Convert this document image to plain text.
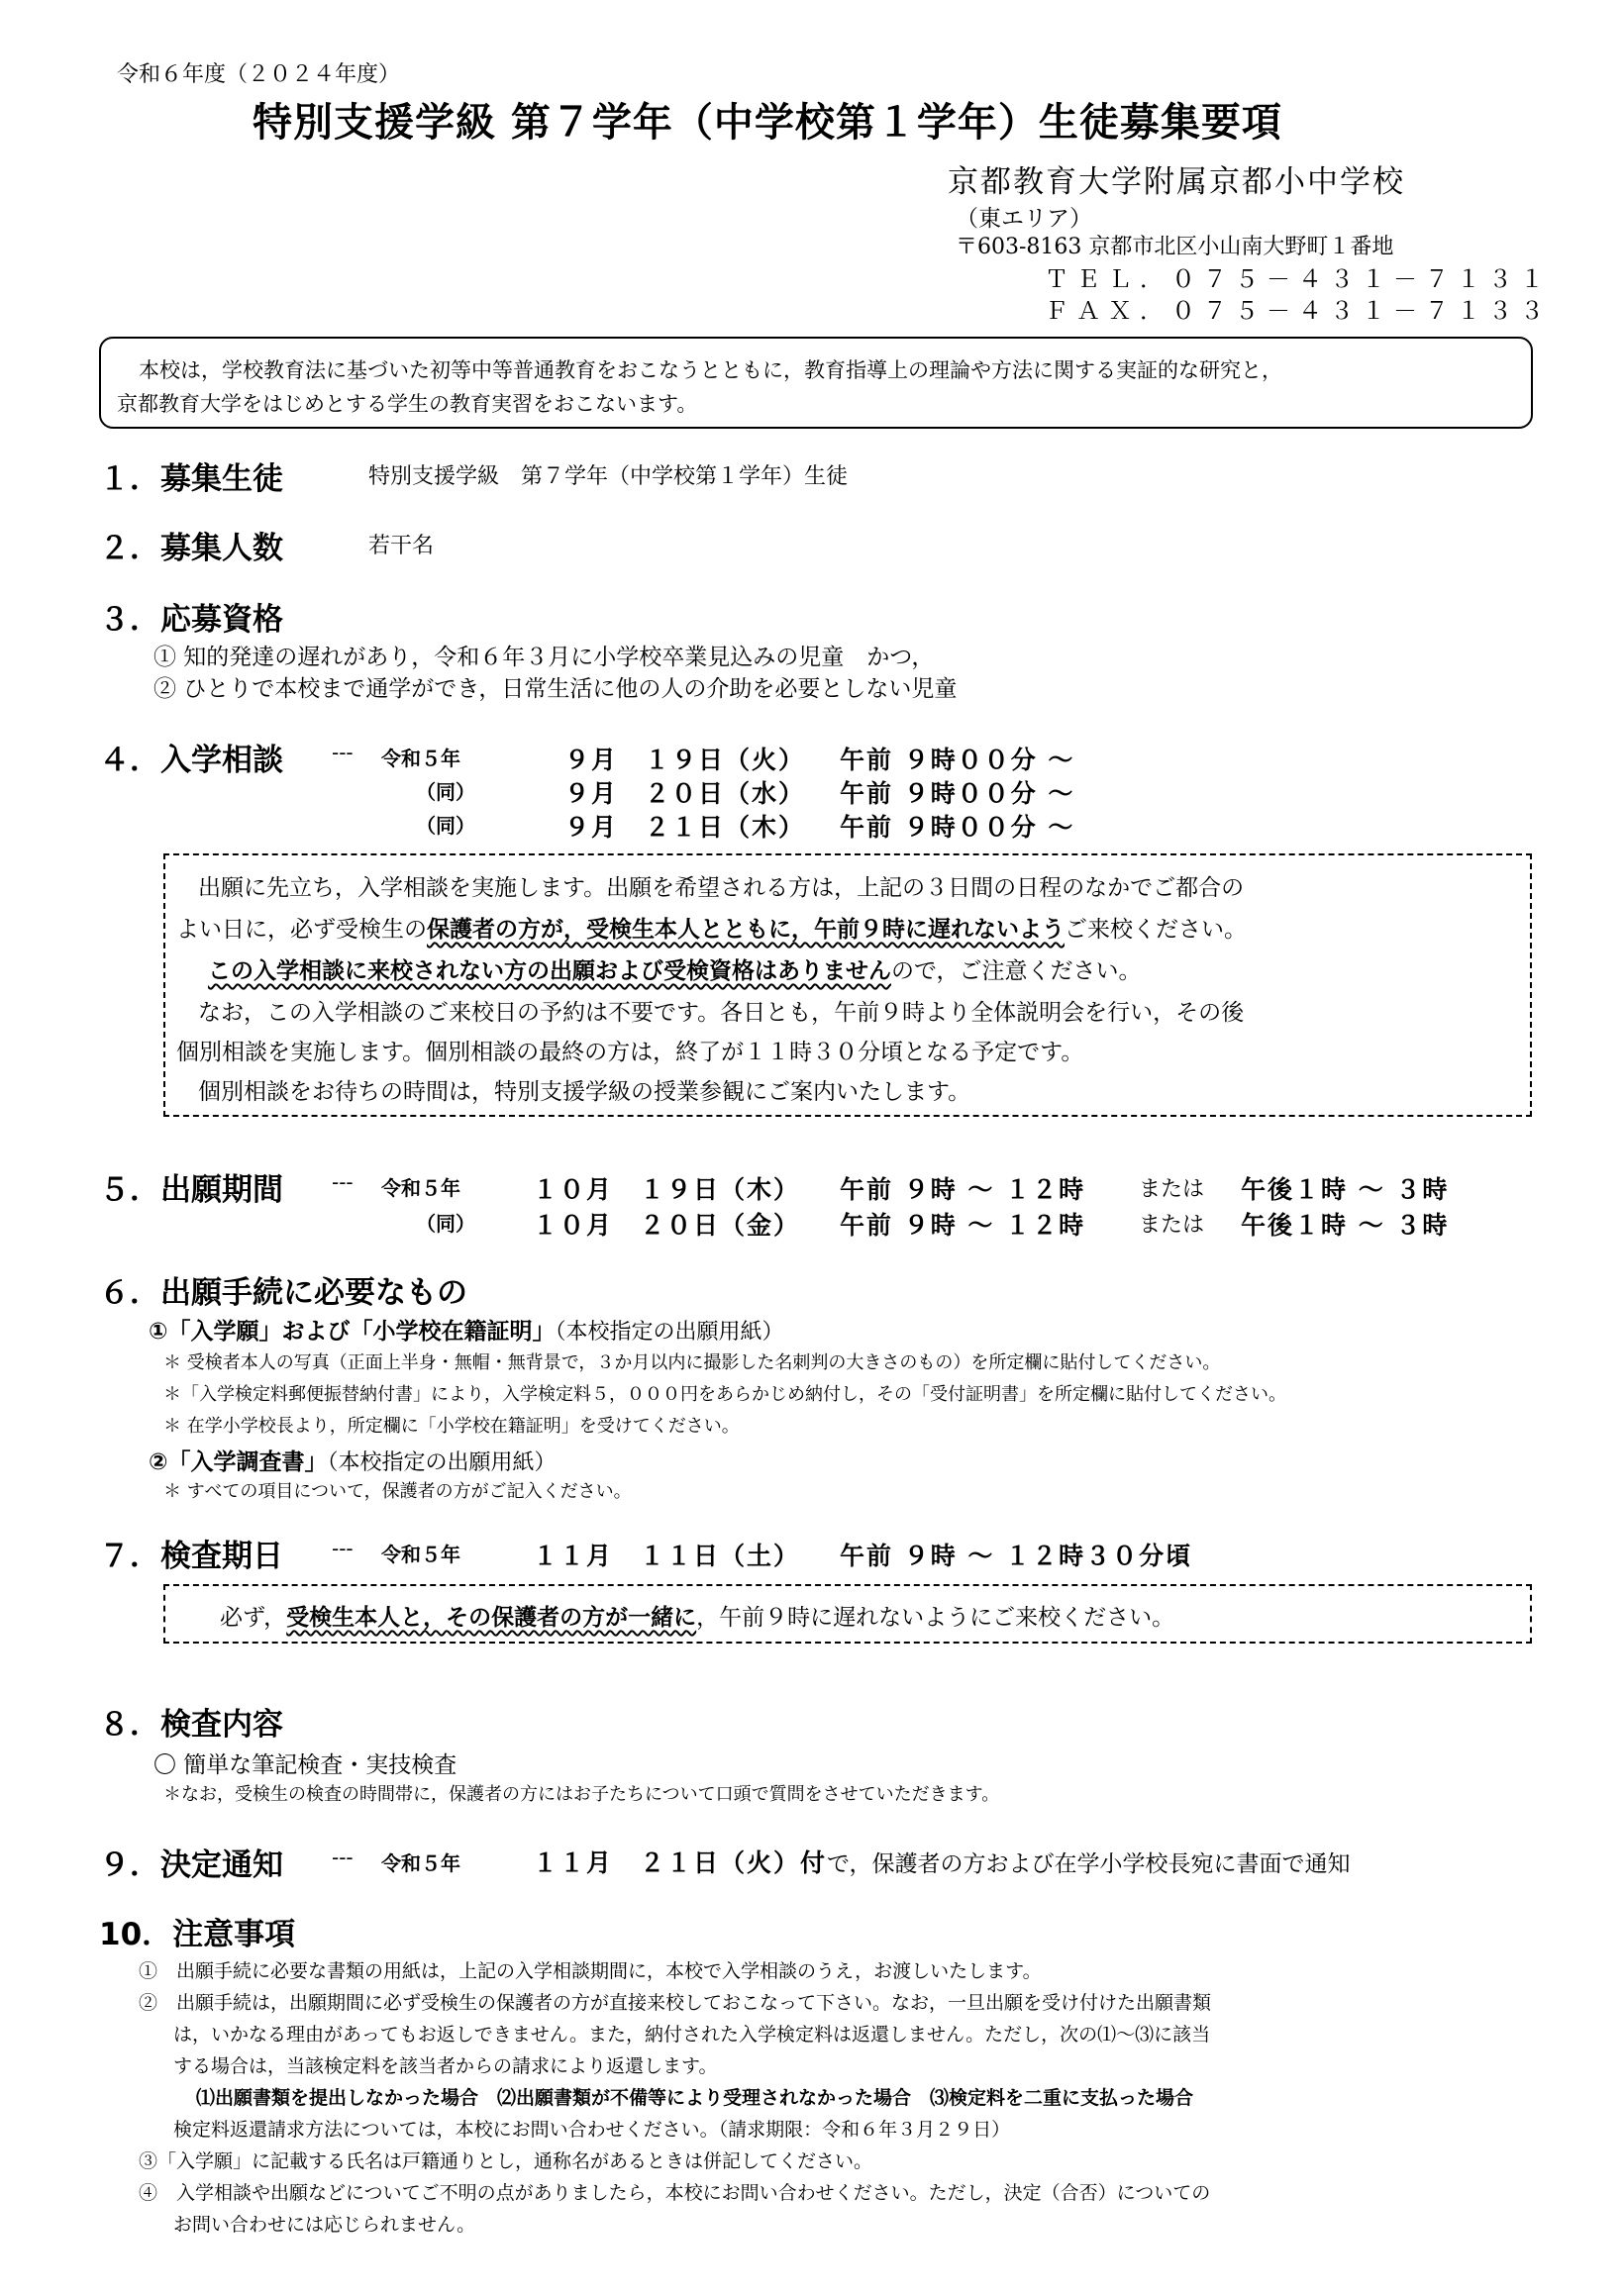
令和６年度（２０２４年度）
特別支援学級 第７学年（中学校第１学年）生徒募集要項
京都教育大学附属京都小中学校
（東エリア）
〒603-8163 京都市北区小山南大野町１番地
ＴＥＬ．０７５－４３１－７１３１
ＦＡＸ．０７５－４３１－７１３３
本校は，学校教育法に基づいた初等中等普通教育をおこなうとともに，教育指導上の理論や方法に関する実証的な研究と，
京都教育大学をはじめとする学生の教育実習をおこないます。
１．募集生徒	特別支援学級　第７学年（中学校第１学年）生徒
２．募集人数	若干名
３．応募資格
① 知的発達の遅れがあり，令和６年３月に小学校卒業見込みの児童　かつ，
② ひとりで本校まで通学ができ，日常生活に他の人の介助を必要としない児童
４．入学相談 --- 令和５年	９月　１９日（火） 午前 ９時００分 ～
（同）	９月　２０日（水） 午前 ９時００分 ～
（同）	９月　２１日（木） 午前 ９時００分 ～
出願に先立ち，入学相談を実施します。出願を希望される方は，上記の３日間の日程のなかでご都合の
よい日に，必ず受検生の保護者の方が，受検生本人とともに，午前９時に遅れないようご来校ください。
この入学相談に来校されない方の出願および受検資格はありませんので，ご注意ください。
なお，この入学相談のご来校日の予約は不要です。各日とも，午前９時より全体説明会を行い，その後
個別相談を実施します。個別相談の最終の方は，終了が１１時３０分頃となる予定です。
個別相談をお待ちの時間は，特別支援学級の授業参観にご案内いたします。
５．出願期間 --- 令和５年	１０月　１９日（木） 午前 ９時 ～ １２時 または 午後１時 ～ ３時
（同） １０月　２０日（金） 午前 ９時 ～ １２時 または 午後１時 ～ ３時
６．出願手続に必要なもの
①「入学願」および「小学校在籍証明」（本校指定の出願用紙）
＊ 受検者本人の写真（正面上半身・無帽・無背景で，３か月以内に撮影した名刺判の大きさのもの）を所定欄に貼付してください。
＊「入学検定料郵便振替納付書」により，入学検定料５，０００円をあらかじめ納付し，その「受付証明書」を所定欄に貼付してください。
＊ 在学小学校長より，所定欄に「小学校在籍証明」を受けてください。
②「入学調査書」（本校指定の出願用紙）
＊ すべての項目について，保護者の方がご記入ください。
７．検査期日 --- 令和５年	１１月　１１日（土） 午前 ９時 ～ １２時３０分頃
必ず，受検生本人と，その保護者の方が一緒に，午前９時に遅れないようにご来校ください。
８．検査内容
〇 簡単な筆記検査・実技検査
＊なお，受検生の検査の時間帯に，保護者の方にはお子たちについて口頭で質問をさせていただきます。
９．決定通知 --- 令和５年	１１月　２１日（火）付で，保護者の方および在学小学校長宛に書面で通知
10．注意事項
①　出願手続に必要な書類の用紙は，上記の入学相談期間に，本校で入学相談のうえ，お渡しいたします。
②　出願手続は，出願期間に必ず受検生の保護者の方が直接来校しておこなって下さい。なお，一旦出願を受け付けた出願書類
は，いかなる理由があってもお返しできません。また，納付された入学検定料は返還しません。ただし，次の⑴～⑶に該当
する場合は，当該検定料を該当者からの請求により返還します。
⑴出願書類を提出しなかった場合　⑵出願書類が不備等により受理されなかった場合　⑶検定料を二重に支払った場合
検定料返還請求方法については，本校にお問い合わせください。（請求期限：令和６年３月２９日）
③「入学願」に記載する氏名は戸籍通りとし，通称名があるときは併記してください。
④　入学相談や出願などについてご不明の点がありましたら，本校にお問い合わせください。ただし，決定（合否）についての
お問い合わせには応じられません。
